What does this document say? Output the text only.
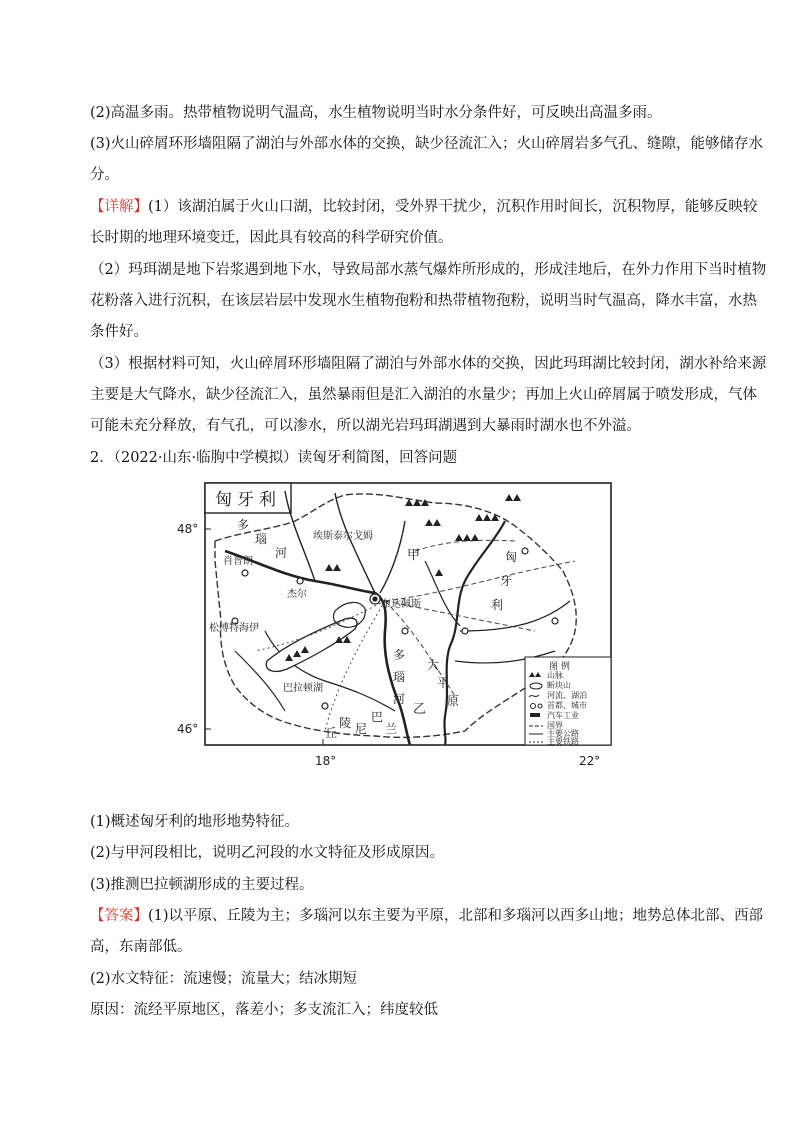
(2)高温多雨。热带植物说明气温高，水生植物说明当时水分条件好，可反映出高温多雨。
(3)火山碎屑环形墙阻隔了湖泊与外部水体的交换，缺少径流汇入；火山碎屑岩多气孔、缝隙，能够储存水
分。
【详解】(1）该湖泊属于火山口湖，比较封闭，受外界干扰少，沉积作用时间长，沉积物厚，能够反映较
长时期的地理环境变迁，因此具有较高的科学研究价值。
（2）玛珥湖是地下岩浆遇到地下水，导致局部水蒸气爆炸所形成的，形成洼地后，在外力作用下当时植物
花粉落入进行沉积，在该层岩层中发现水生植物孢粉和热带植物孢粉，说明当时气温高，降水丰富，水热
条件好。
（3）根据材料可知，火山碎屑环形墙阻隔了湖泊与外部水体的交换，因此玛珥湖比较封闭，湖水补给来源
主要是大气降水，缺少径流汇入，虽然暴雨但是汇入湖泊的水量少；再加上火山碎屑属于喷发形成，气体
可能未充分释放，有气孔，可以渗水，所以湖光岩玛珥湖遇到大暴雨时湖水也不外溢。
2．（2022·山东·临朐中学模拟）读匈牙利简图，回答问题
(1)概述匈牙利的地形地势特征。
(2)与甲河段相比，说明乙河段的水文特征及形成原因。
(3)推测巴拉顿湖形成的主要过程。
【答案】(1)以平原、丘陵为主；多瑙河以东主要为平原，北部和多瑙河以西多山地；地势总体北部、西部
高，东南部低。
(2)水文特征：流速慢；流量大；结冰期短
原因：流经平原地区，落差小；多支流汇入；纬度较低
匈牙利
48°
46°
18°	22°
肖普朗
杰尔
松博特海伊
巴拉顿湖
埃斯泰尔戈姆
布达佩斯
多
瑙
河	甲
多
瑙
河
乙
大
平
原
匈
牙
利
巴
兰
尼
陵
丘
图 例
山脉
断块山
河流、湖泊
首都、城市
汽车工业
国界
主要公路
主要铁路
